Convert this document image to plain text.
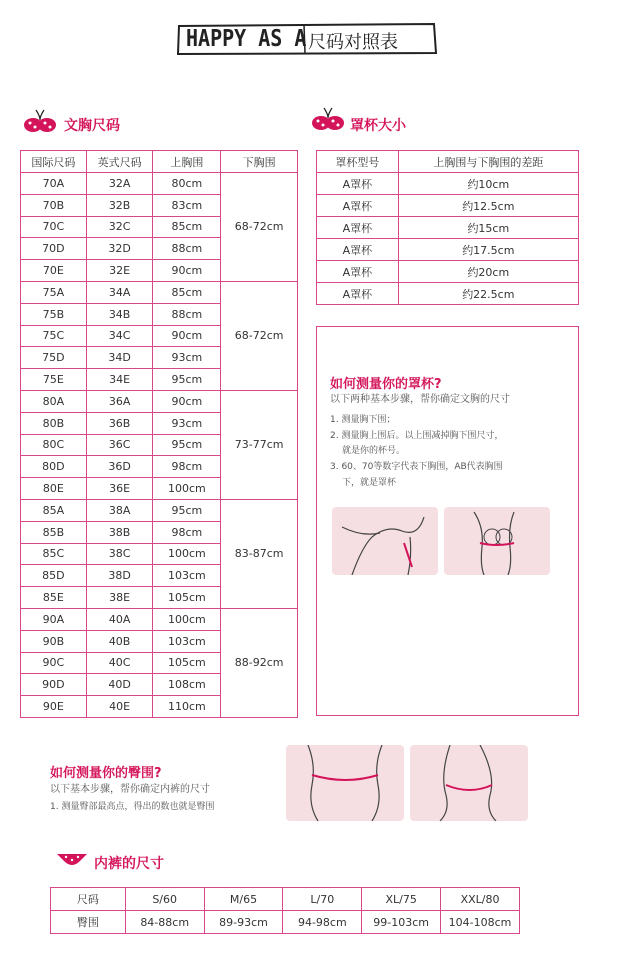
HAPPY AS A 尺码对照表
文胸尺码
国际尺码	英式尺码	上胸围	下胸围
70A	32A	80cm	68-72cm
70B	32B	83cm	
70C	32C	85cm	
70D	32D	88cm	
70E	32E	90cm	
75A	34A	85cm	68-72cm
75B	34B	88cm	
75C	34C	90cm	
75D	34D	93cm	
75E	34E	95cm	
80A	36A	90cm	73-77cm
80B	36B	93cm	
80C	36C	95cm	
80D	36D	98cm	
80E	36E	100cm	
85A	38A	95cm	83-87cm
85B	38B	98cm	
85C	38C	100cm	
85D	38D	103cm	
85E	38E	105cm	
90A	40A	100cm	88-92cm
90B	40B	103cm	
90C	40C	105cm	
90D	40D	108cm	
90E	40E	110cm	
罩杯大小
罩杯型号	上胸围与下胸围的差距
A罩杯	约10cm
A罩杯	约12.5cm
A罩杯	约15cm
A罩杯	约17.5cm
A罩杯	约20cm
A罩杯	约22.5cm
如何测量你的罩杯?
以下两种基本步骤，帮你确定文胸的尺寸
1. 测量胸下围；
2. 测量胸上围后。以上围减掉胸下围尺寸，
就是你的杯号。
3. 60、70等数字代表下胸围，AB代表胸围
下，就是罩杯
如何测量你的臀围?
以下基本步骤，帮你确定内裤的尺寸
1. 测量臀部最高点，得出的数也就是臀围
内裤的尺寸
尺码	S/60	M/65	L/70	XL/75	XXL/80
臀围	84-88cm	89-93cm	94-98cm	99-103cm	104-108cm
